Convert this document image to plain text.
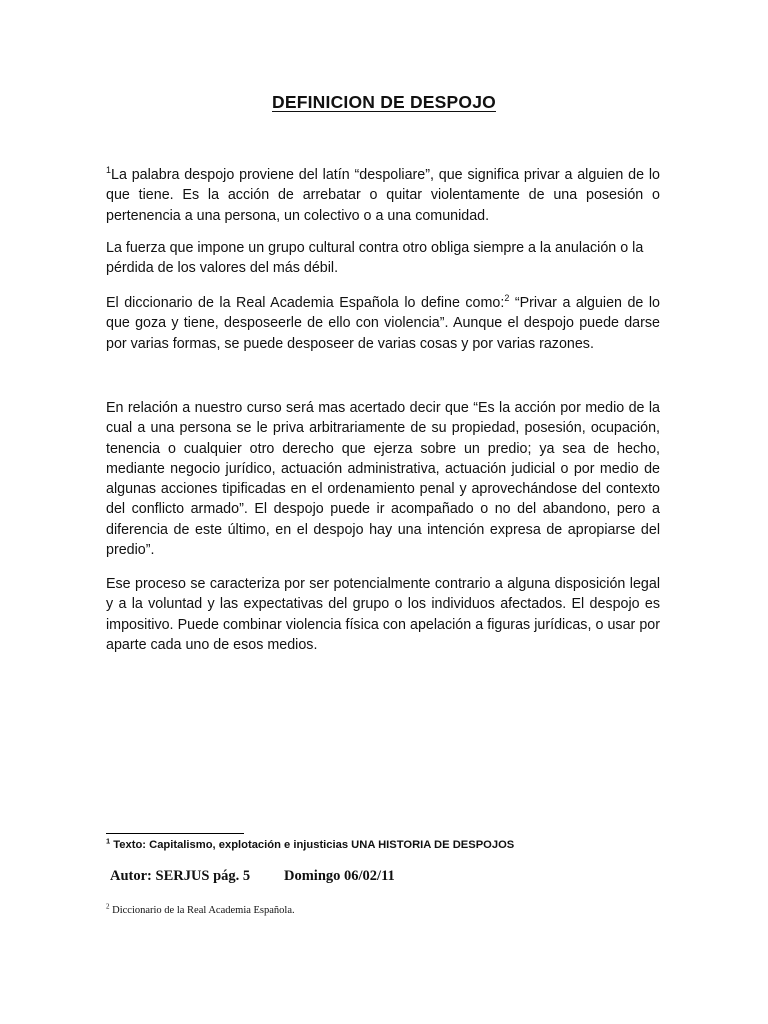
DEFINICION DE DESPOJO

$^1$La palabra despojo proviene del latín “despoliare”, que significa privar a alguien de lo que tiene. Es la acción de arrebatar o quitar violentamente de una posesión o pertenencia a una persona, un colectivo o a una comunidad.

La fuerza que impone un grupo cultural contra otro obliga siempre a la anulación o la pérdida de los valores del más débil.

El diccionario de la Real Academia Española lo define como:$^2$ “Privar a alguien de lo que goza y tiene, desposeerle de ello con violencia”. Aunque el despojo puede darse por varias formas, se puede desposeer de varias cosas y por varias razones.

En relación a nuestro curso será mas acertado decir que “Es la acción por medio de la cual a una persona se le priva arbitrariamente de su propiedad, posesión, ocupación, tenencia o cualquier otro derecho que ejerza sobre un predio; ya sea de hecho, mediante negocio jurídico, actuación administrativa, actuación judicial o por medio de algunas acciones tipificadas en el ordenamiento penal y aprovechándose del contexto del conflicto armado”. El despojo puede ir acompañado o no del abandono, pero a diferencia de este último, en el despojo hay una intención expresa de apropiarse del predio”.

Ese proceso se caracteriza por ser potencialmente contrario a alguna disposición legal y a la voluntad y las expectativas del grupo o los individuos afectados. El despojo es impositivo. Puede combinar violencia física con apelación a figuras jurídicas, o usar por aparte cada uno de esos medios.

$^1$ Texto: Capitalismo, explotación e injusticias UNA HISTORIA DE DESPOJOS

Autor: SERJUS pág. 5 Domingo 06/02/11

$^2$ Diccionario de la Real Academia Española.
